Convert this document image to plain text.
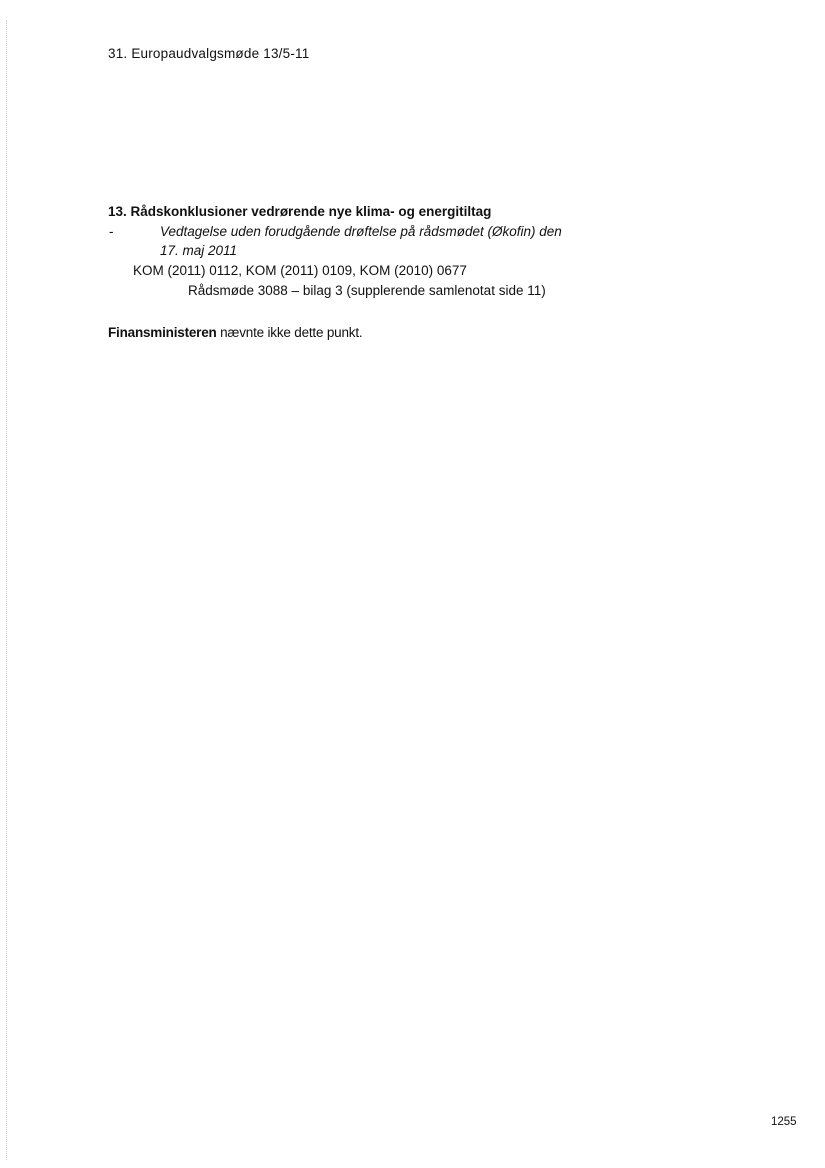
31. Europaudvalgsmøde 13/5-11
13. Rådskonklusioner vedrørende nye klima- og energitiltag
-	Vedtagelse uden forudgående drøftelse på rådsmødet (Økofin) den
17. maj 2011
KOM (2011) 0112, KOM (2011) 0109, KOM (2010) 0677
Rådsmøde 3088 – bilag 3 (supplerende samlenotat side 11)
Finansministeren nævnte ikke dette punkt.
1255
